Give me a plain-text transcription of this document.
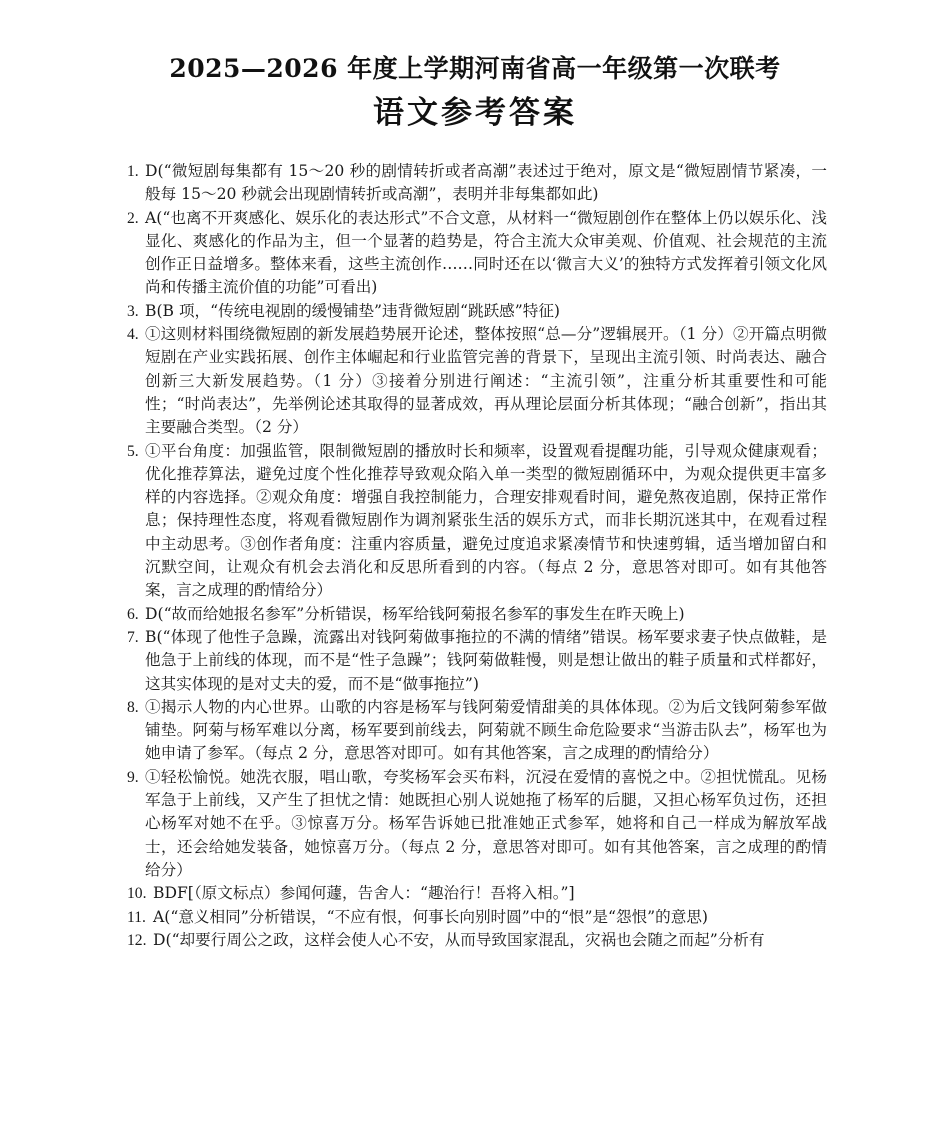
2025—2026 年度上学期河南省高一年级第一次联考
语文参考答案
1. D(“微短剧每集都有 15～20 秒的剧情转折或者高潮”表述过于绝对，原文是“微短剧情节紧凑，一般每 15～20 秒就会出现剧情转折或高潮”，表明并非每集都如此)
2. A(“也离不开爽感化、娱乐化的表达形式”不合文意，从材料一“微短剧创作在整体上仍以娱乐化、浅显化、爽感化的作品为主，但一个显著的趋势是，符合主流大众审美观、价值观、社会规范的主流创作正日益增多。整体来看，这些主流创作……同时还在以‘微言大义’的独特方式发挥着引领文化风尚和传播主流价值的功能”可看出)
3. B(B 项，“传统电视剧的缓慢铺垫”违背微短剧“跳跃感”特征)
4. ①这则材料围绕微短剧的新发展趋势展开论述，整体按照“总—分”逻辑展开。（1 分）②开篇点明微短剧在产业实践拓展、创作主体崛起和行业监管完善的背景下，呈现出主流引领、时尚表达、融合创新三大新发展趋势。（1 分）③接着分别进行阐述：“主流引领”，注重分析其重要性和可能性；“时尚表达”，先举例论述其取得的显著成效，再从理论层面分析其体现；“融合创新”，指出其主要融合类型。（2 分）
5. ①平台角度：加强监管，限制微短剧的播放时长和频率，设置观看提醒功能，引导观众健康观看；优化推荐算法，避免过度个性化推荐导致观众陷入单一类型的微短剧循环中，为观众提供更丰富多样的内容选择。②观众角度：增强自我控制能力，合理安排观看时间，避免熬夜追剧，保持正常作息；保持理性态度，将观看微短剧作为调剂紧张生活的娱乐方式，而非长期沉迷其中，在观看过程中主动思考。③创作者角度：注重内容质量，避免过度追求紧凑情节和快速剪辑，适当增加留白和沉默空间，让观众有机会去消化和反思所看到的内容。（每点 2 分，意思答对即可。如有其他答案，言之成理的酌情给分）
6. D(“故而给她报名参军”分析错误，杨军给钱阿菊报名参军的事发生在昨天晚上)
7. B(“体现了他性子急躁，流露出对钱阿菊做事拖拉的不满的情绪”错误。杨军要求妻子快点做鞋，是他急于上前线的体现，而不是“性子急躁”；钱阿菊做鞋慢，则是想让做出的鞋子质量和式样都好，这其实体现的是对丈夫的爱，而不是“做事拖拉”)
8. ①揭示人物的内心世界。山歌的内容是杨军与钱阿菊爱情甜美的具体体现。②为后文钱阿菊参军做铺垫。阿菊与杨军难以分离，杨军要到前线去，阿菊就不顾生命危险要求“当游击队去”，杨军也为她申请了参军。（每点 2 分，意思答对即可。如有其他答案，言之成理的酌情给分）
9. ①轻松愉悦。她洗衣服，唱山歌，夸奖杨军会买布料，沉浸在爱情的喜悦之中。②担忧慌乱。见杨军急于上前线，又产生了担忧之情：她既担心别人说她拖了杨军的后腿，又担心杨军负过伤，还担心杨军对她不在乎。③惊喜万分。杨军告诉她已批准她正式参军，她将和自己一样成为解放军战士，还会给她发装备，她惊喜万分。（每点 2 分，意思答对即可。如有其他答案，言之成理的酌情给分）
10. BDF[（原文标点）参闻何蘧，告舍人：“趣治行！吾将入相。”]
11. A(“意义相同”分析错误，“不应有恨，何事长向别时圆”中的“恨”是“怨恨”的意思)
12. D(“却要行周公之政，这样会使人心不安，从而导致国家混乱，灾祸也会随之而起”分析有
